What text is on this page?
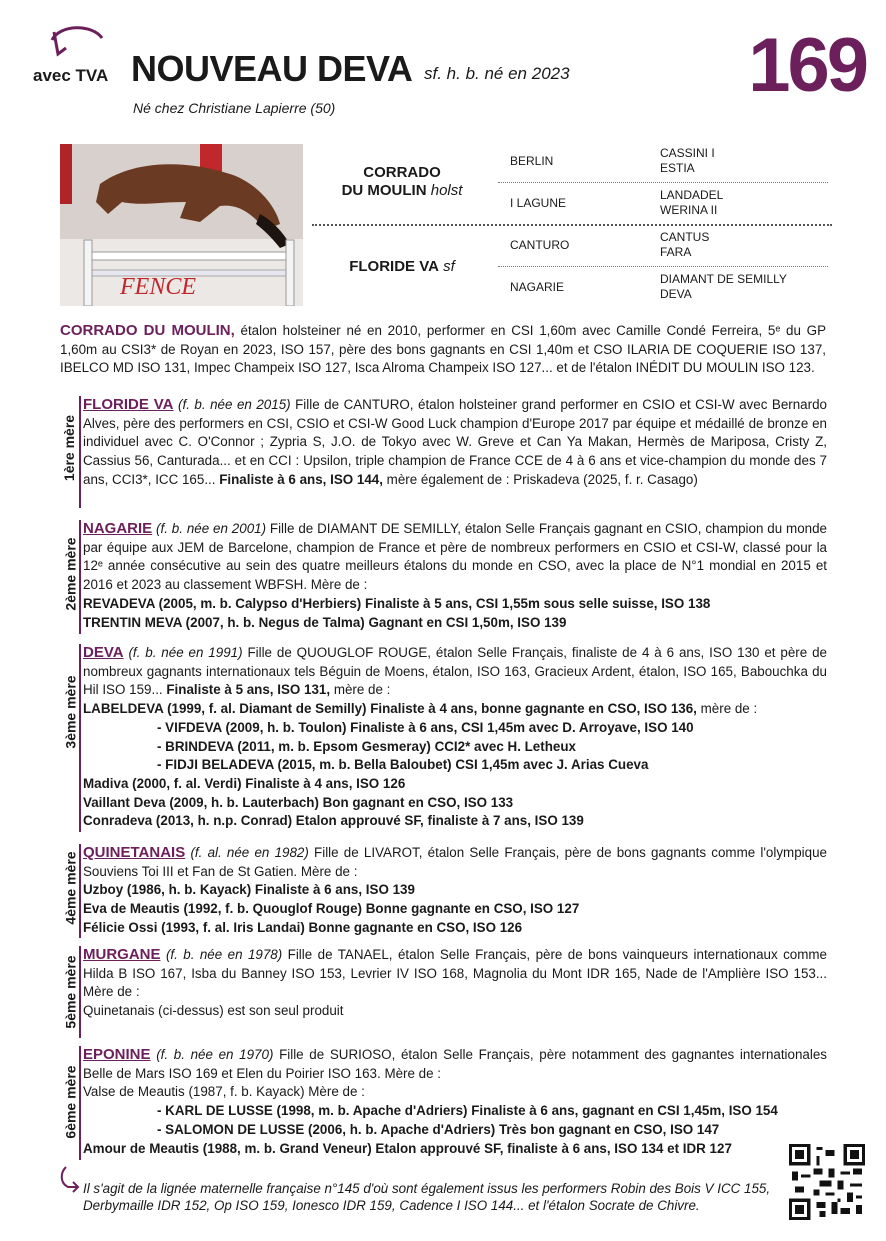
avec TVA NOUVEAU DEVA sf. h. b. né en 2023
Né chez Christiane Lapierre (50)	169
FENCE
CORRADO
DU MOULIN holst
FLORIDE VA sf
BERLIN
I LAGUNE
CANTURO
NAGARIE
CASSINI I
ESTIA
LANDADEL
WERINA II
CANTUS
FARA
DIAMANT DE SEMILLY
DEVA
CORRADO DU MOULIN, étalon holsteiner né en 2010, performer en CSI 1,60m avec Camille Condé Ferreira, 5ᵉ du GP 1,60m au CSI3* de Royan en 2023, ISO 157, père des bons gagnants en CSI 1,40m et CSO ILARIA DE COQUERIE ISO 137, IBELCO MD ISO 131, Impec Champeix ISO 127, Isca Alroma Champeix ISO 127... et de l'étalon INÉDIT DU MOULIN ISO 123.
1ère mère
FLORIDE VA (f. b. née en 2015) Fille de CANTURO, étalon holsteiner grand performer en CSIO et CSI-W avec Bernardo Alves, père des performers en CSI, CSIO et CSI-W Good Luck champion d'Europe 2017 par équipe et médaillé de bronze en individuel avec C. O'Connor ; Zypria S, J.O. de Tokyo avec W. Greve et Can Ya Makan, Hermès de Mariposa, Cristy Z, Cassius 56, Canturada... et en CCI : Upsilon, triple champion de France CCE de 4 à 6 ans et vice-champion du monde des 7 ans, CCI3*, ICC 165... Finaliste à 6 ans, ISO 144, mère également de : Priskadeva (2025, f. r. Casago)
2ème mère
NAGARIE (f. b. née en 2001) Fille de DIAMANT DE SEMILLY, étalon Selle Français gagnant en CSIO, champion du monde par équipe aux JEM de Barcelone, champion de France et père de nombreux performers en CSIO et CSI-W, classé pour la 12ᵉ année consécutive au sein des quatre meilleurs étalons du monde en CSO, avec la place de N°1 mondial en 2015 et 2016 et 2023 au classement WBFSH. Mère de :
REVADEVA (2005, m. b. Calypso d'Herbiers) Finaliste à 5 ans, CSI 1,55m sous selle suisse, ISO 138
TRENTIN MEVA (2007, h. b. Negus de Talma) Gagnant en CSI 1,50m, ISO 139
3ème mère
DEVA (f. b. née en 1991) Fille de QUOUGLOF ROUGE, étalon Selle Français, finaliste de 4 à 6 ans, ISO 130 et père de nombreux gagnants internationaux tels Béguin de Moens, étalon, ISO 163, Gracieux Ardent, étalon, ISO 165, Babouchka du Hil ISO 159... Finaliste à 5 ans, ISO 131, mère de :
LABELDEVA (1999, f. al. Diamant de Semilly) Finaliste à 4 ans, bonne gagnante en CSO, ISO 136, mère de :
- VIFDEVA (2009, h. b. Toulon) Finaliste à 6 ans, CSI 1,45m avec D. Arroyave, ISO 140
- BRINDEVA (2011, m. b. Epsom Gesmeray) CCI2* avec H. Letheux
- FIDJI BELADEVA (2015, m. b. Bella Baloubet) CSI 1,45m avec J. Arias Cueva
Madiva (2000, f. al. Verdi) Finaliste à 4 ans, ISO 126
Vaillant Deva (2009, h. b. Lauterbach) Bon gagnant en CSO, ISO 133
Conradeva (2013, h. n.p. Conrad) Etalon approuvé SF, finaliste à 7 ans, ISO 139
4ème mère QUINETANAIS (f. al. née en 1982) Fille de LIVAROT, étalon Selle Français, père de bons gagnants comme l'olympique Souviens Toi III et Fan de St Gatien. Mère de :
Uzboy (1986, h. b. Kayack) Finaliste à 6 ans, ISO 139
Eva de Meautis (1992, f. b. Quouglof Rouge) Bonne gagnante en CSO, ISO 127
Félicie Ossi (1993, f. al. Iris Landai) Bonne gagnante en CSO, ISO 126
5ème mère
MURGANE (f. b. née en 1978) Fille de TANAEL, étalon Selle Français, père de bons vainqueurs internationaux comme Hilda B ISO 167, Isba du Banney ISO 153, Levrier IV ISO 168, Magnolia du Mont IDR 165, Nade de l'Amplière ISO 153... Mère de :
Quinetanais (ci-dessus) est son seul produit
6ème mère
EPONINE (f. b. née en 1970) Fille de SURIOSO, étalon Selle Français, père notamment des gagnantes internationales Belle de Mars ISO 169 et Elen du Poirier ISO 163. Mère de :
Valse de Meautis (1987, f. b. Kayack) Mère de :
- KARL DE LUSSE (1998, m. b. Apache d'Adriers) Finaliste à 6 ans, gagnant en CSI 1,45m, ISO 154
- SALOMON DE LUSSE (2006, h. b. Apache d'Adriers) Très bon gagnant en CSO, ISO 147
Amour de Meautis (1988, m. b. Grand Veneur) Etalon approuvé SF, finaliste à 6 ans, ISO 134 et IDR 127
Il s'agit de la lignée maternelle française n°145 d'où sont également issus les performers Robin des Bois V ICC 155, Derbymaille IDR 152, Op ISO 159, Ionesco IDR 159, Cadence I ISO 144... et l'étalon Socrate de Chivre.
